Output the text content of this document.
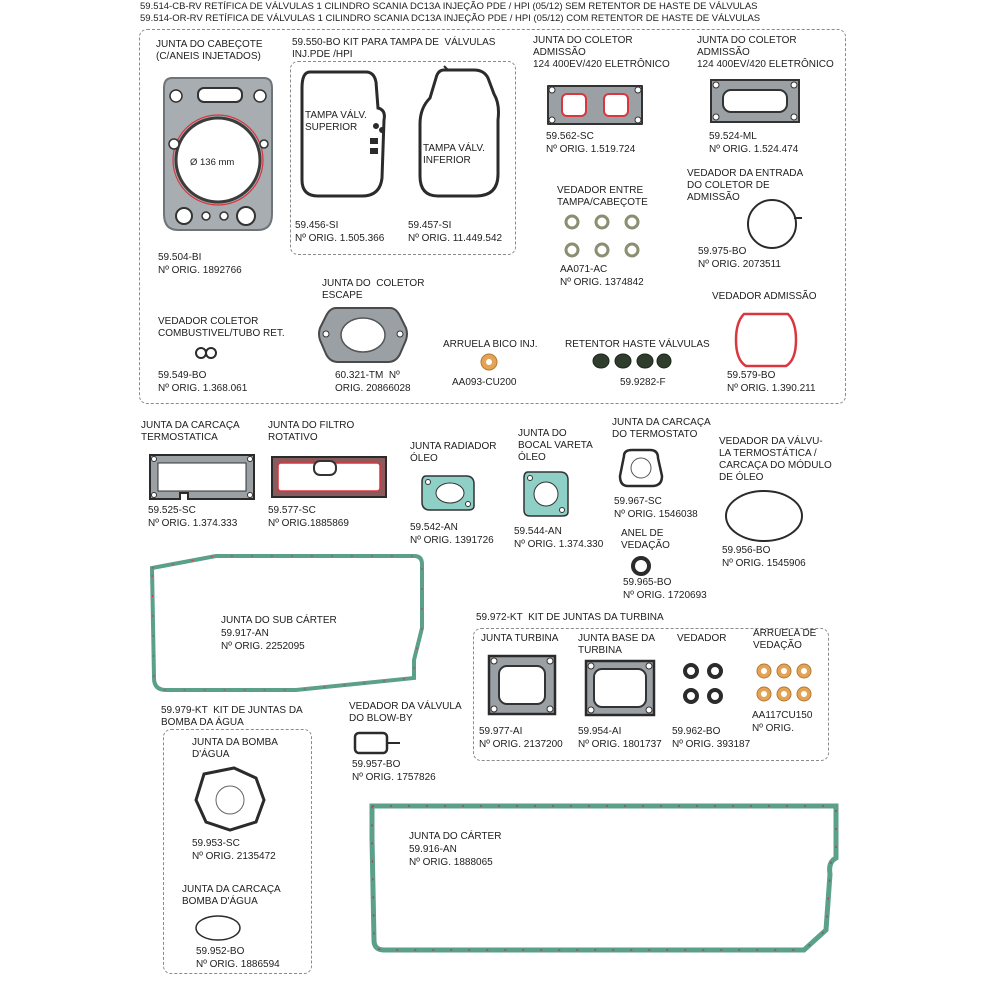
59.514-CB-RV RETÍFICA DE VÁLVULAS 1 CILINDRO SCANIA DC13A INJEÇÃO PDE / HPI (05/12) SEM RETENTOR DE HASTE DE VÁLVULAS
59.514-OR-RV RETÍFICA DE VÁLVULAS 1 CILINDRO SCANIA DC13A INJEÇÃO PDE / HPI (05/12) COM RETENTOR DE HASTE DE VÁLVULAS
JUNTA DO CABEÇOTE
(C/ANEIS INJETADOS)
Ø 136 mm
59.504-BI
Nº ORIG. 1892766
59.550-BO KIT PARA TAMPA DE  VÁLVULAS
INJ.PDE /HPI
TAMPA VÁLV.
SUPERIOR
TAMPA VÁLV.
INFERIOR
59.456-SI
Nº ORIG. 1.505.366
59.457-SI
Nº ORIG. 11.449.542
JUNTA DO COLETOR
ADMISSÃO
124 400EV/420 ELETRÔNICO
59.562-SC
Nº ORIG. 1.519.724
JUNTA DO COLETOR
ADMISSÃO
124 400EV/420 ELETRÔNICO
59.524-ML
Nº ORIG. 1.524.474
VEDADOR ENTRE
TAMPA/CABEÇOTE
AA071-AC
Nº ORIG. 1374842
VEDADOR DA ENTRADA
DO COLETOR DE
ADMISSÃO
59.975-BO
Nº ORIG. 2073511
VEDADOR COLETOR
COMBUSTIVEL/TUBO RET.
59.549-BO
Nº ORIG. 1.368.061
JUNTA DO  COLETOR
ESCAPE
60.321-TM  Nº
ORIG. 20866028
ARRUELA BICO INJ.
AA093-CU200
RETENTOR HASTE VÁLVULAS
59.9282-F
VEDADOR ADMISSÃO
59.579-BO
Nº ORIG. 1.390.211
JUNTA DA CARCAÇA
TERMOSTATICA
59.525-SC
Nº ORIG. 1.374.333
JUNTA DO FILTRO
ROTATIVO
59.577-SC
Nº ORIG.1885869
JUNTA RADIADOR
ÓLEO
59.542-AN
Nº ORIG. 1391726
JUNTA DO
BOCAL VARETA
ÓLEO
59.544-AN
Nº ORIG. 1.374.330
JUNTA DA CARCAÇA
DO TERMOSTATO
59.967-SC
Nº ORIG. 1546038
VEDADOR DA VÁLVU-
LA TERMOSTÁTICA /
CARCAÇA DO MÓDULO
DE ÓLEO
59.956-BO
Nº ORIG. 1545906
ANEL DE
VEDAÇÃO
59.965-BO
Nº ORIG. 1720693
JUNTA DO SUB CÁRTER
59.917-AN
Nº ORIG. 2252095
59.972-KT  KIT DE JUNTAS DA TURBINA
JUNTA TURBINA
59.977-AI
Nº ORIG. 2137200
JUNTA BASE DA
TURBINA
59.954-AI
Nº ORIG. 1801737
VEDADOR
59.962-BO
Nº ORIG. 393187
ARRUELA DE
VEDAÇÃO
AA117CU150
Nº ORIG.
59.979-KT  KIT DE JUNTAS DA
BOMBA DA ÁGUA
JUNTA DA BOMBA
D'ÁGUA
59.953-SC
Nº ORIG. 2135472
JUNTA DA CARCAÇA
BOMBA D'ÁGUA
59.952-BO
Nº ORIG. 1886594
VEDADOR DA VÁLVULA
DO BLOW-BY
59.957-BO
Nº ORIG. 1757826
JUNTA DO CÁRTER
59.916-AN
Nº ORIG. 1888065
